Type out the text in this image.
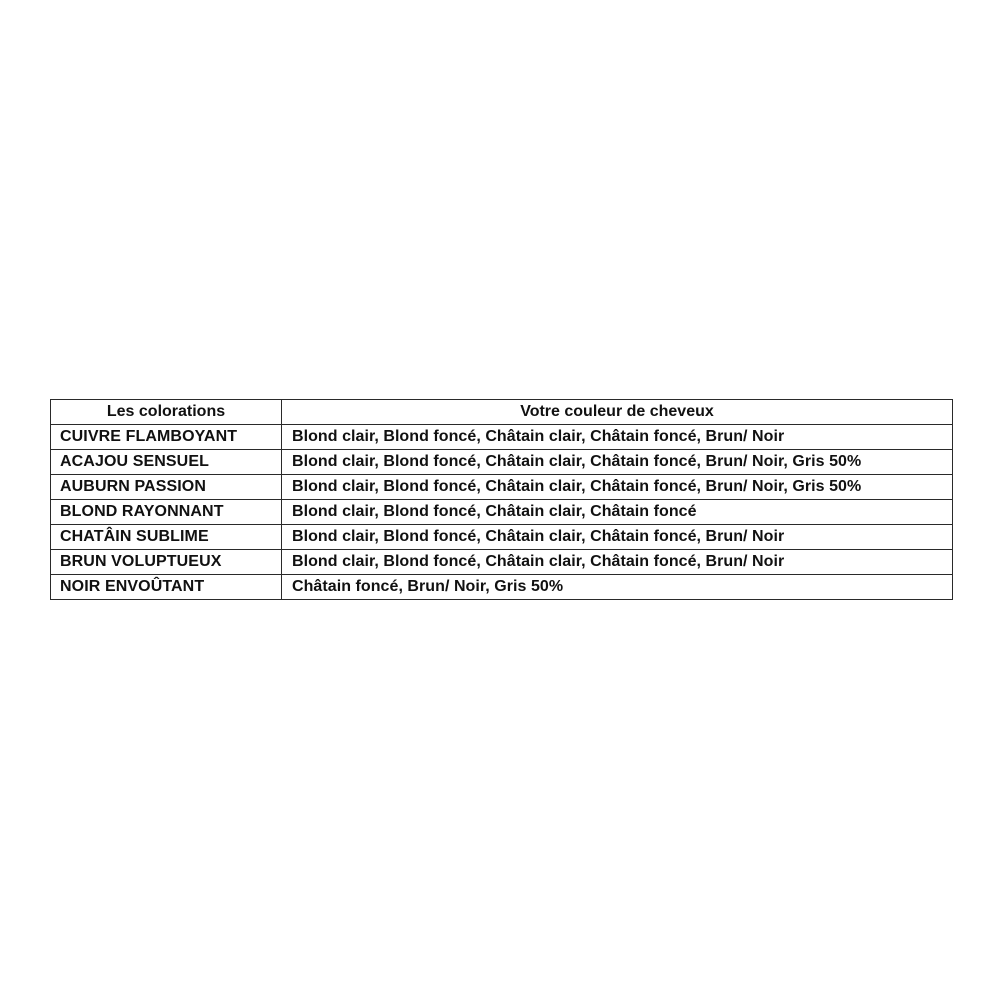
Les colorations	Votre couleur de cheveux
CUIVRE FLAMBOYANT	Blond clair, Blond foncé, Châtain clair, Châtain foncé, Brun/ Noir
ACAJOU SENSUEL	Blond clair, Blond foncé, Châtain clair, Châtain foncé, Brun/ Noir, Gris 50%
AUBURN PASSION	Blond clair, Blond foncé, Châtain clair, Châtain foncé, Brun/ Noir, Gris 50%
BLOND RAYONNANT	Blond clair, Blond foncé, Châtain clair, Châtain foncé
CHATÂIN SUBLIME	Blond clair, Blond foncé, Châtain clair, Châtain foncé, Brun/ Noir
BRUN VOLUPTUEUX	Blond clair, Blond foncé, Châtain clair, Châtain foncé, Brun/ Noir
NOIR ENVOÛTANT	Châtain foncé, Brun/ Noir, Gris 50%
